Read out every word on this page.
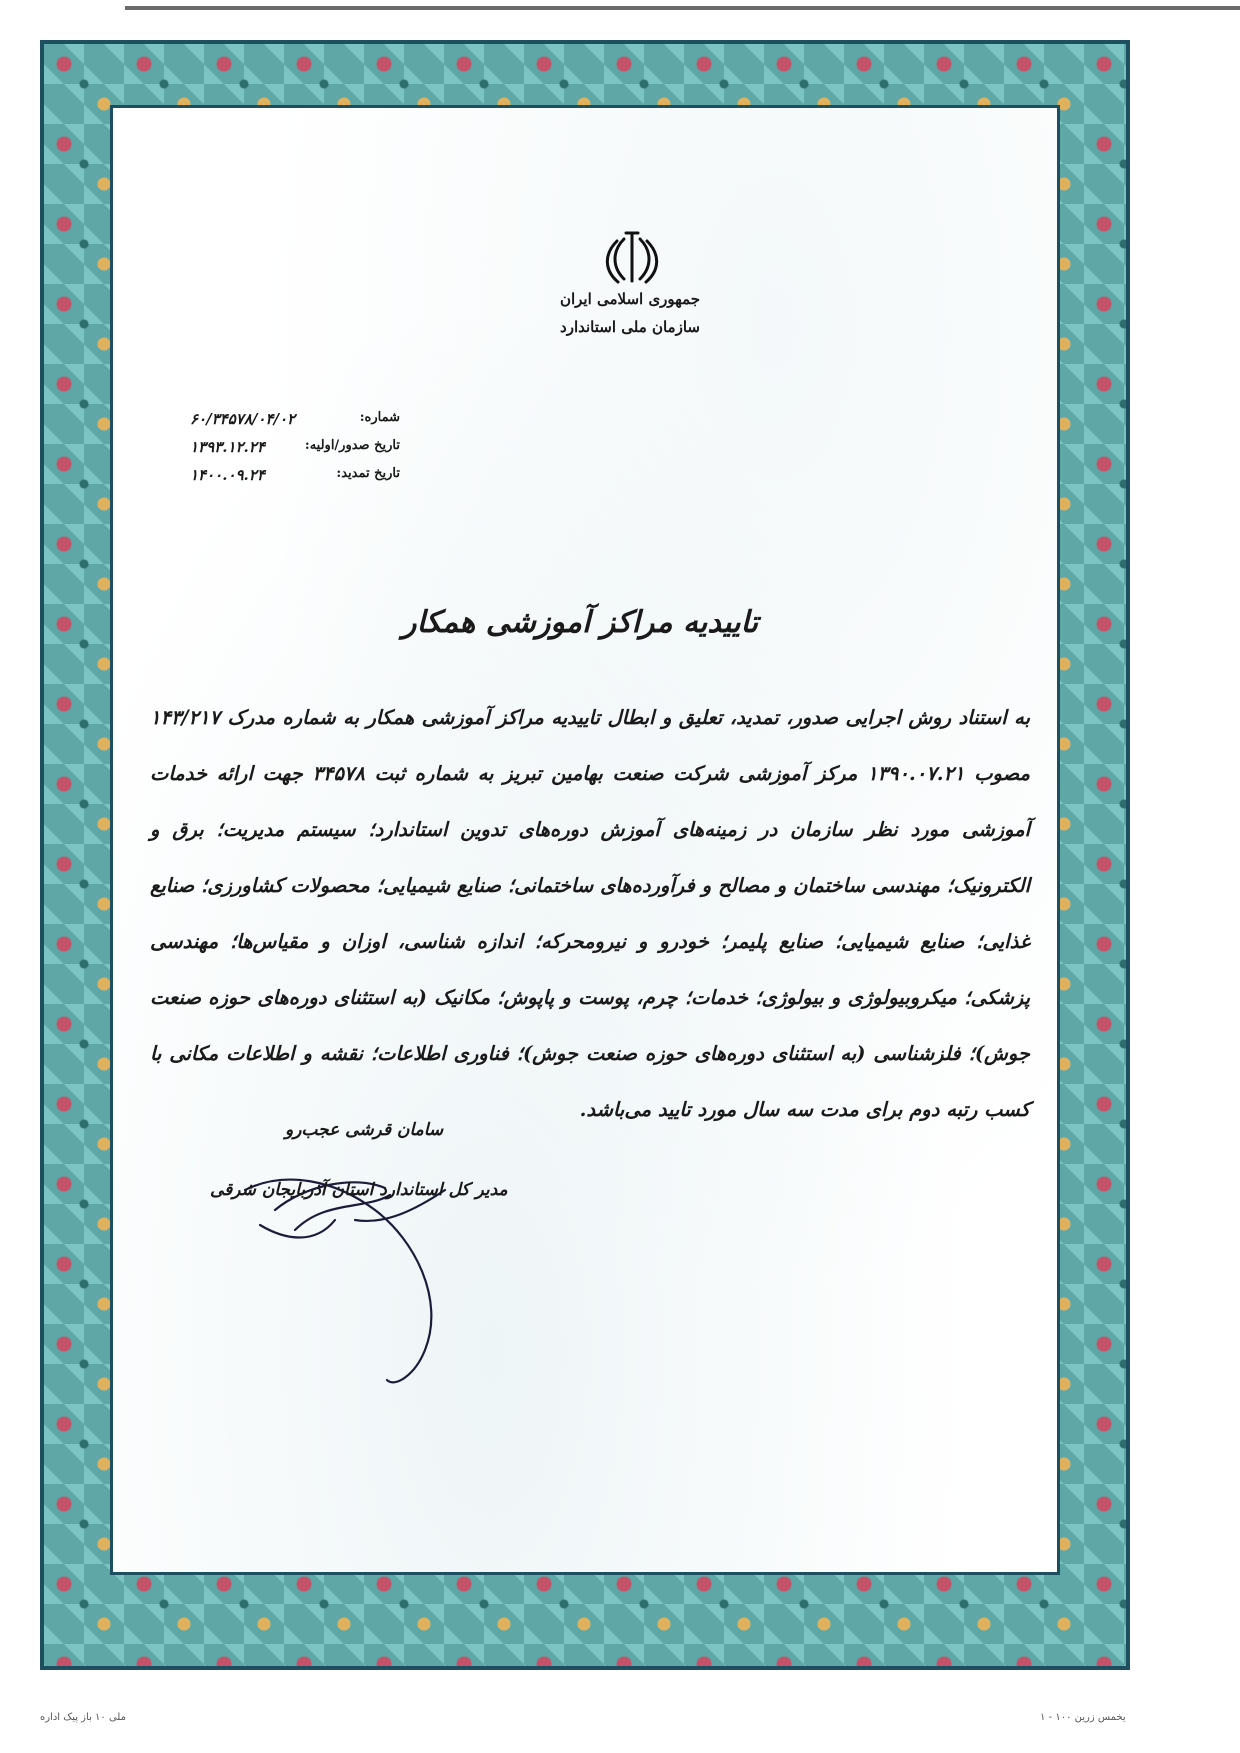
جمهوری اسلامی ایران
سازمان ملی استاندارد
شماره:
۶۰/۳۴۵۷۸/۰۴/۰۲
تاریخ صدور/اولیه:
۱۳۹۳.۱۲.۲۴
تاریخ تمدید:
۱۴۰۰.۰۹.۲۴
تاییدیه مراکز آموزشی همکار
به استناد روش اجرایی صدور، تمدید، تعلیق و ابطال تاییدیه مراکز آموزشی همکار به شماره مدرک ۱۴۳/۲۱۷ مصوب ۱۳۹۰.۰۷.۲۱ مرکز آموزشی شرکت صنعت بهامین تبریز به شماره ثبت ۳۴۵۷۸ جهت ارائه خدمات آموزشی مورد نظر سازمان در زمینه‌های آموزش دوره‌های تدوین استاندارد؛ سیستم مدیریت؛ برق و الکترونیک؛ مهندسی ساختمان و مصالح و فرآورده‌های ساختمانی؛ صنایع شیمیایی؛ محصولات کشاورزی؛ صنایع غذایی؛ صنایع شیمیایی؛ صنایع پلیمر؛ خودرو و نیرومحرکه؛ اندازه شناسی، اوزان و مقیاس‌ها؛ مهندسی پزشکی؛ میکروبیولوژی و بیولوژی؛ خدمات؛ چرم، پوست و پاپوش؛ مکانیک (به استثنای دوره‌های حوزه صنعت جوش)؛ فلزشناسی (به استثنای دوره‌های حوزه صنعت جوش)؛ فناوری اطلاعات؛ نقشه و اطلاعات مکانی با کسب رتبه دوم برای مدت سه سال مورد تایید می‌باشد.
سامان قرشی عجب‌رو
مدیر کل استاندارد استان آذربایجان شرقی
ملی ۱۰ باز پیک اداره	یخمس زرین ۱۰۰ - ۱
